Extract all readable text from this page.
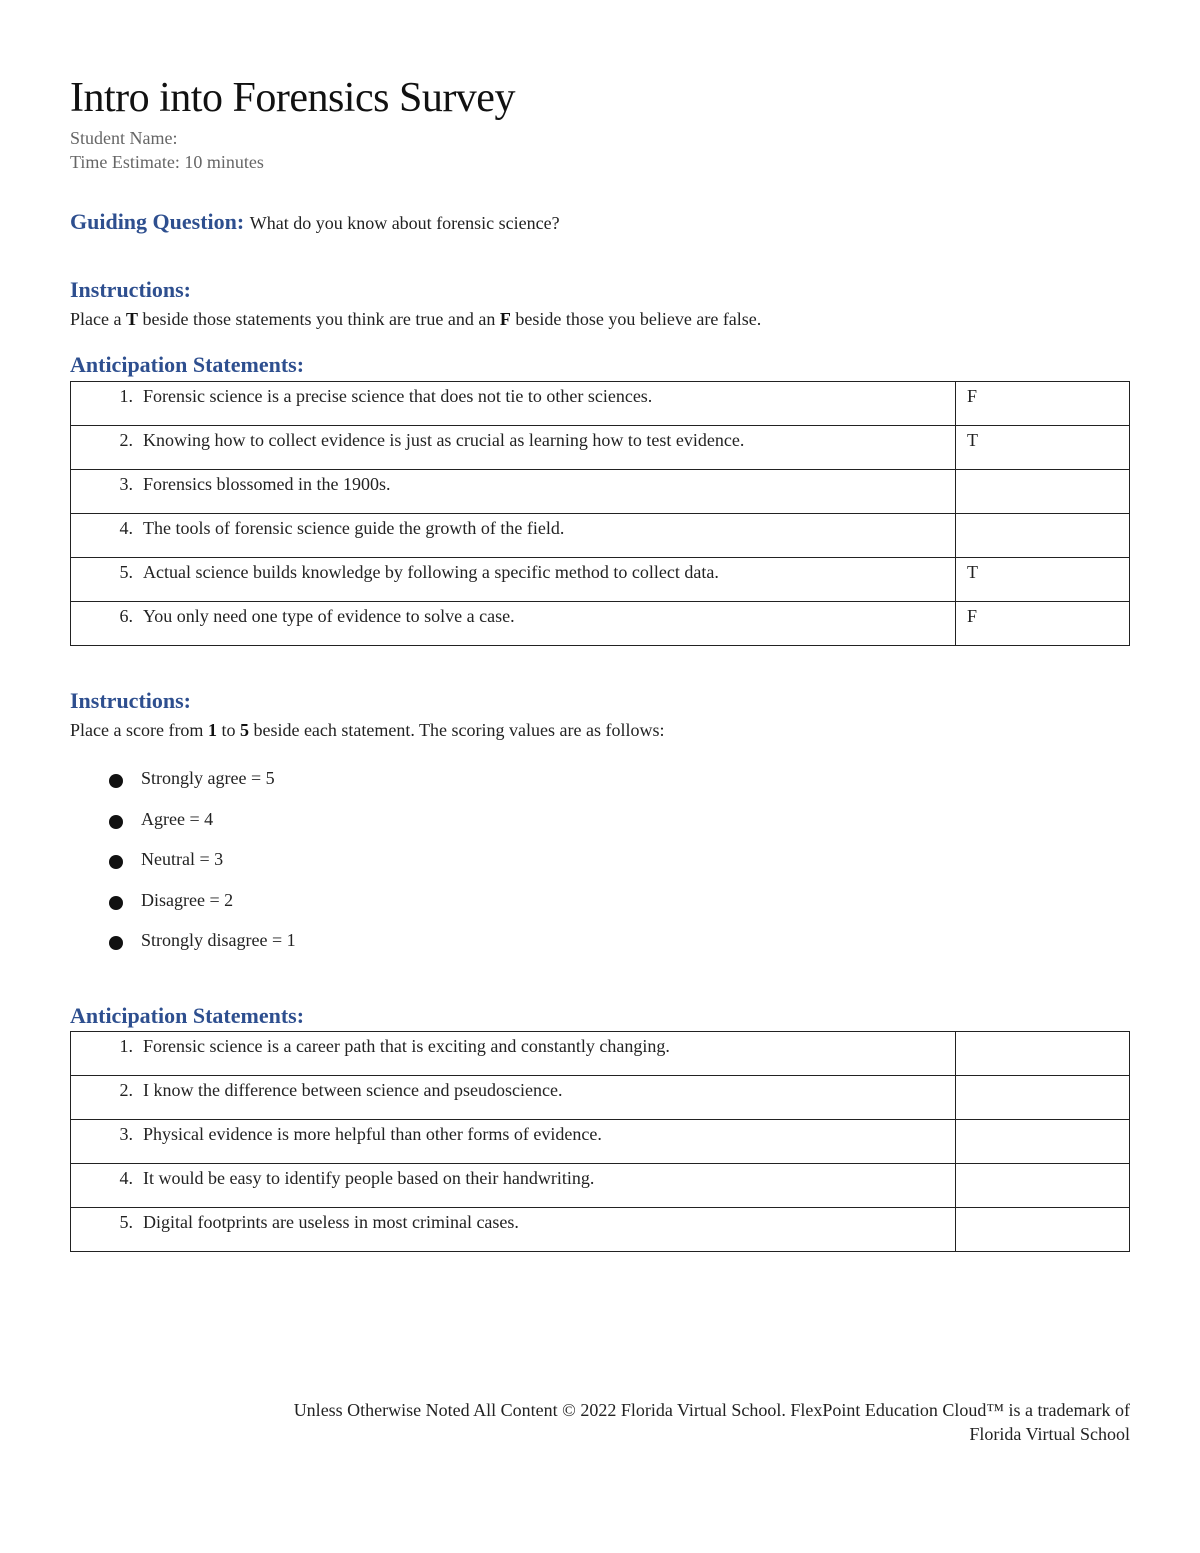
Intro into Forensics Survey
Student Name:
Time Estimate: 10 minutes
Guiding Question: What do you know about forensic science?
Instructions:
Place a T beside those statements you think are true and an F beside those you believe are false.
Anticipation Statements:
1. Forensic science is a precise science that does not tie to other sciences.	F
2. Knowing how to collect evidence is just as crucial as learning how to test evidence.	T
3. Forensics blossomed in the 1900s.	
4. The tools of forensic science guide the growth of the field.	
5. Actual science builds knowledge by following a specific method to collect data.	T
6. You only need one type of evidence to solve a case.	F
Instructions:
Place a score from 1 to 5 beside each statement. The scoring values are as follows:
Strongly agree = 5
Agree = 4
Neutral = 3
Disagree = 2
Strongly disagree = 1
Anticipation Statements:
1. Forensic science is a career path that is exciting and constantly changing.	
2. I know the difference between science and pseudoscience.	
3. Physical evidence is more helpful than other forms of evidence.	
4. It would be easy to identify people based on their handwriting.	
5. Digital footprints are useless in most criminal cases.	
Unless Otherwise Noted All Content © 2022 Florida Virtual School. FlexPoint Education Cloud™ is a trademark of
Florida Virtual School
